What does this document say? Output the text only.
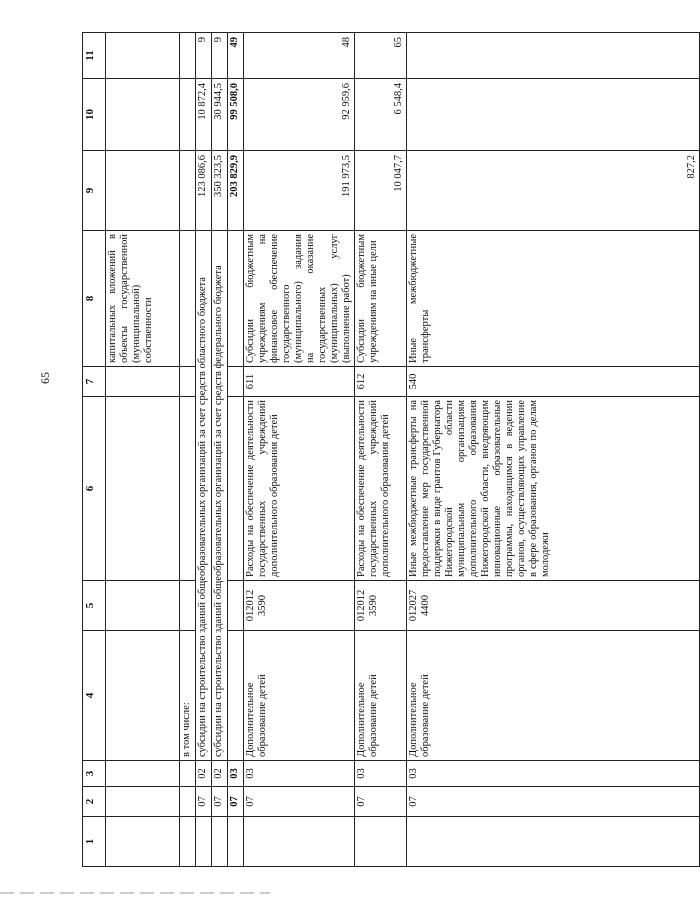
65
1	2	3	4	5	6	7	8	9	10	11
							капитальных вложений в объекты государственной (муниципальной) собственности			
			в том числе:							
	07	02	субсидии на строительство зданий общеобразовательных организаций за счет средств областного бюджета					123 086,6	10 872,4	9
	07	02	субсидии на строительство зданий общеобразовательных организаций за счет средств федерального бюджета					350 323,5	30 944,5	9
	07	03						203 829,9	99 508,0	49
	07	03	Дополнительное образование детей	012012 3590	Расходы на обеспечение деятельности государственных учреждений дополнительного образования детей	611	Субсидии бюджетным учреждениям на финансовое обеспечение государственного (муниципального) задания на оказание государственных (муниципальных) услуг (выполнение работ)	191 973,5	92 959,6	48
	07	03	Дополнительное образование детей	012012 3590	Расходы на обеспечение деятельности государственных учреждений дополнительного образования детей	612	Субсидии бюджетным учреждениям на иные цели	10 047,7	6 548,4	65
	07	03	Дополнительное образование детей	012027 4400	Иные межбюджетные трансферты на предоставление мер государственной поддержки в виде грантов Губернатора Нижегородской области муниципальным организациям дополнительного образования Нижегородской области, внедряющим инновационные образовательные программы, находящимся в ведении органов, осуществляющих управление в сфере образования, органов по делам молодежи	540	Иные межбюджетные трансферты	827,2		
